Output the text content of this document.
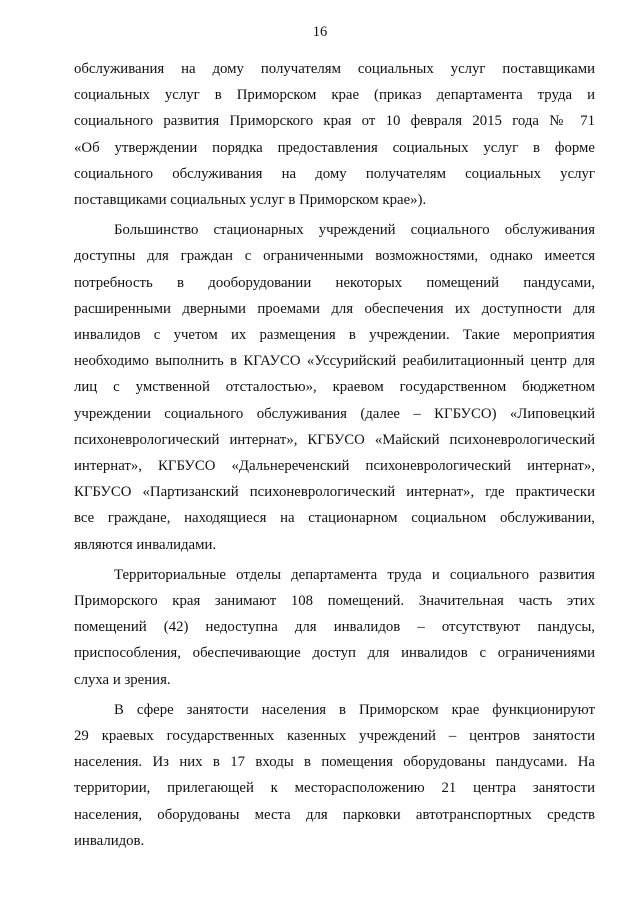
16

обслуживания на дому получателям социальных услуг поставщиками
социальных услуг в Приморском крае (приказ департамента труда и
социального развития Приморского края от 10 февраля 2015 года № 71
«Об утверждении порядка предоставления социальных услуг в форме
социального обслуживания на дому получателям социальных услуг
поставщиками социальных услуг в Приморском крае»).

Большинство стационарных учреждений социального обслуживания
доступны для граждан с ограниченными возможностями, однако имеется
потребность в дооборудовании некоторых помещений пандусами,
расширенными дверными проемами для обеспечения их доступности для
инвалидов с учетом их размещения в учреждении. Такие мероприятия
необходимо выполнить в КГАУСО «Уссурийский реабилитационный центр для
лиц с умственной отсталостью», краевом государственном бюджетном
учреждении социального обслуживания (далее – КГБУСО) «Липовецкий
психоневрологический интернат», КГБУСО «Майский психоневрологический
интернат», КГБУСО «Дальнереченский психоневрологический интернат»,
КГБУСО «Партизанский психоневрологический интернат», где практически
все граждане, находящиеся на стационарном социальном обслуживании,
являются инвалидами.

Территориальные отделы департамента труда и социального развития
Приморского края занимают 108 помещений. Значительная часть этих
помещений (42) недоступна для инвалидов – отсутствуют пандусы,
приспособления, обеспечивающие доступ для инвалидов с ограничениями
слуха и зрения.

В сфере занятости населения в Приморском крае функционируют
29 краевых государственных казенных учреждений – центров занятости
населения. Из них в 17 входы в помещения оборудованы пандусами. На
территории, прилегающей к месторасположению 21 центра занятости
населения, оборудованы места для парковки автотранспортных средств
инвалидов.
